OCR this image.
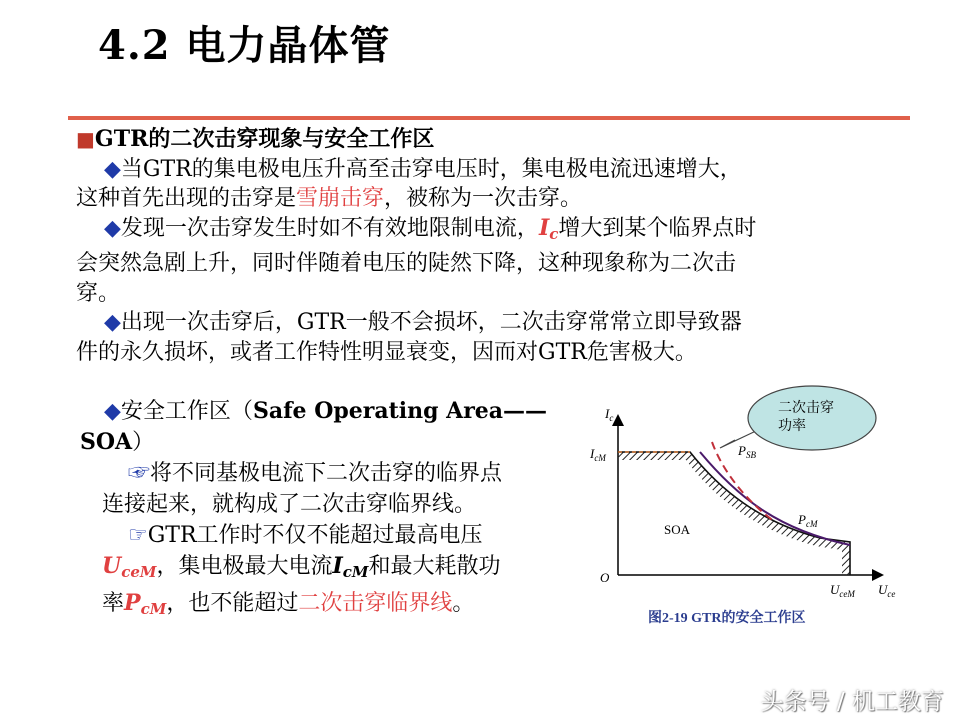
4.2 电力晶体管

■GTR的二次击穿现象与安全工作区

◆当GTR的集电极电压升高至击穿电压时，集电极电流迅速增大，

这种首先出现的击穿是雪崩击穿，被称为一次击穿。

◆发现一次击穿发生时如不有效地限制电流，$I_c$增大到某个临界点时

会突然急剧上升，同时伴随着电压的陡然下降，这种现象称为二次击

穿。

◆出现一次击穿后，GTR一般不会损坏，二次击穿常常立即导致器

件的永久损坏，或者工作特性明显衰变，因而对GTR危害极大。

◆安全工作区（Safe Operating Area——

SOA）

☞将不同基极电流下二次击穿的临界点

连接起来，就构成了二次击穿临界线。

☞GTR工作时不仅不能超过最高电压

$U_{ceM}$，集电极最大电流$I_{cM}$和最大耗散功

率$P_{cM}$，也不能超过二次击穿临界线。

二次击穿
功率
$I_c$
$U_{ce}$
O
$I_{cM}$
$U_{ceM}$
$P_{SB}$
$P_{cM}$
SOA
图2-19 GTR的安全工作区
头条号 / 机工教育
